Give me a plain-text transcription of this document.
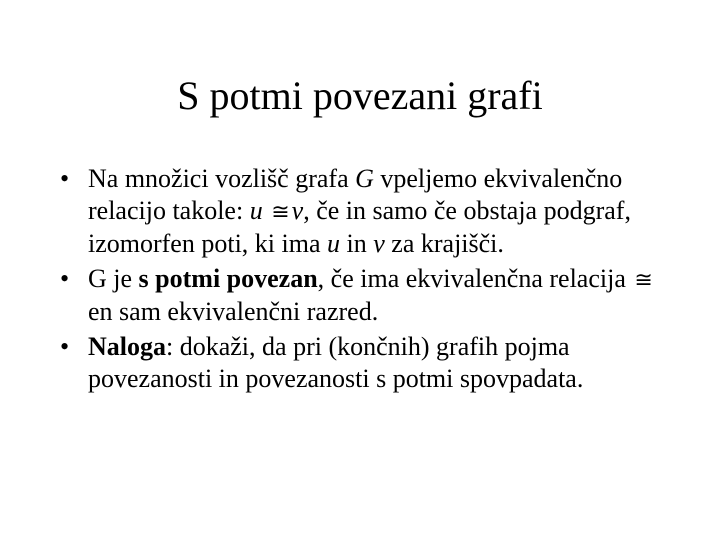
S potmi povezani grafi
• Na množici vozlišč grafa G vpeljemo ekvivalenčno relacijo takole: u ≅v, če in samo če obstaja podgraf, izomorfen poti, ki ima u in v za krajišči.
• G je s potmi povezan, če ima ekvivalenčna relacija ≅ en sam ekvivalenčni razred.
• Naloga: dokaži, da pri (končnih) grafih pojma povezanosti in povezanosti s potmi spovpadata.
